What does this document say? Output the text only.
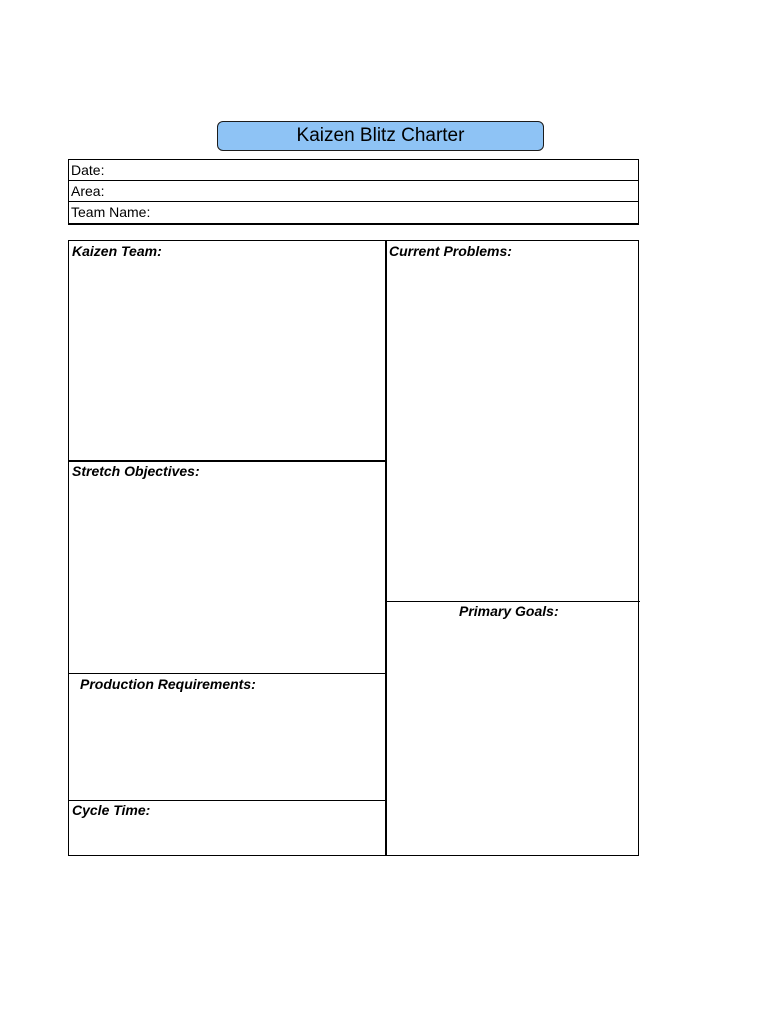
Kaizen Blitz Charter
Date:
Area:
Team Name:
Kaizen Team:	Current Problems:
Stretch Objectives:
Primary Goals:
Production Requirements:
Cycle Time:
